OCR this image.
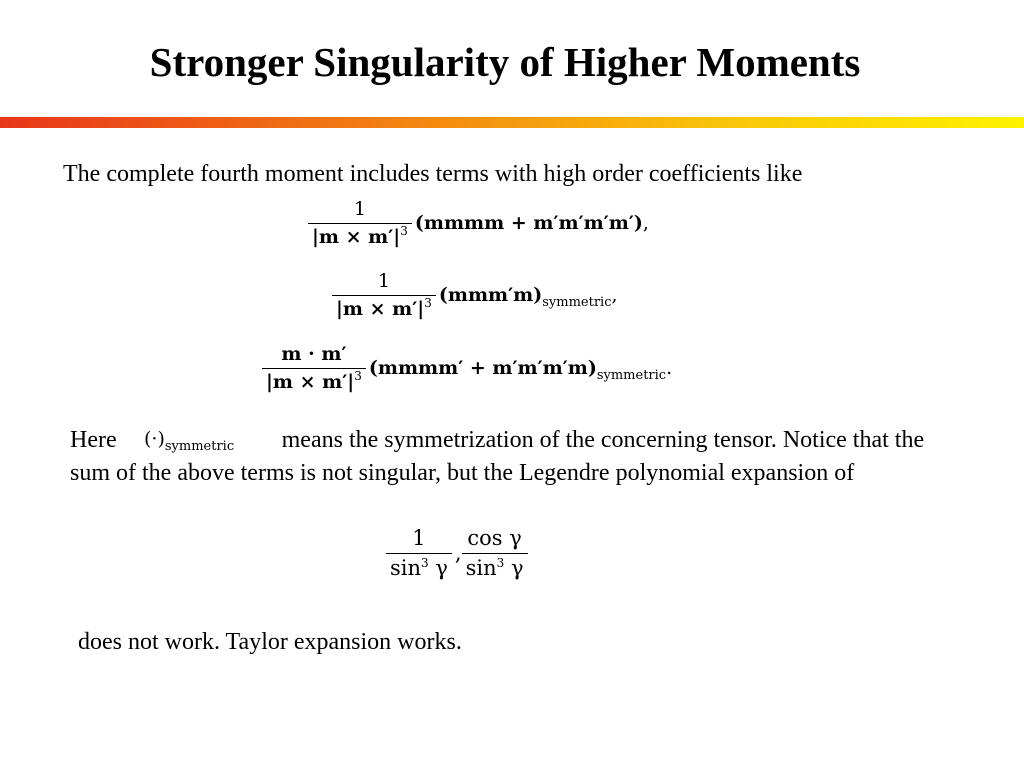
Stronger Singularity of Higher Moments
The complete fourth moment includes terms with high order coefficients like
$\frac{1}{|m \times m'|^3}$ (mmmm + m′m′m′m′) ,
$\frac{1}{|m \times m'|^3} (mmm'm)$ symmetric ,
$\frac{m \cdot m'}{|m \times m'|^3}$ (mmmm′ + m′m′m′m) symmetric .
Here	means the symmetrization of the concerning tensor. Notice that the sum of the above terms is not singular, but the Legendre polynomial expansion of
(·) symmetric
$\frac{1}{\sin^3 \gamma}$ , $\frac{\text{cos γ}}{\sin^3 \gamma}$
does not work. Taylor expansion works.
